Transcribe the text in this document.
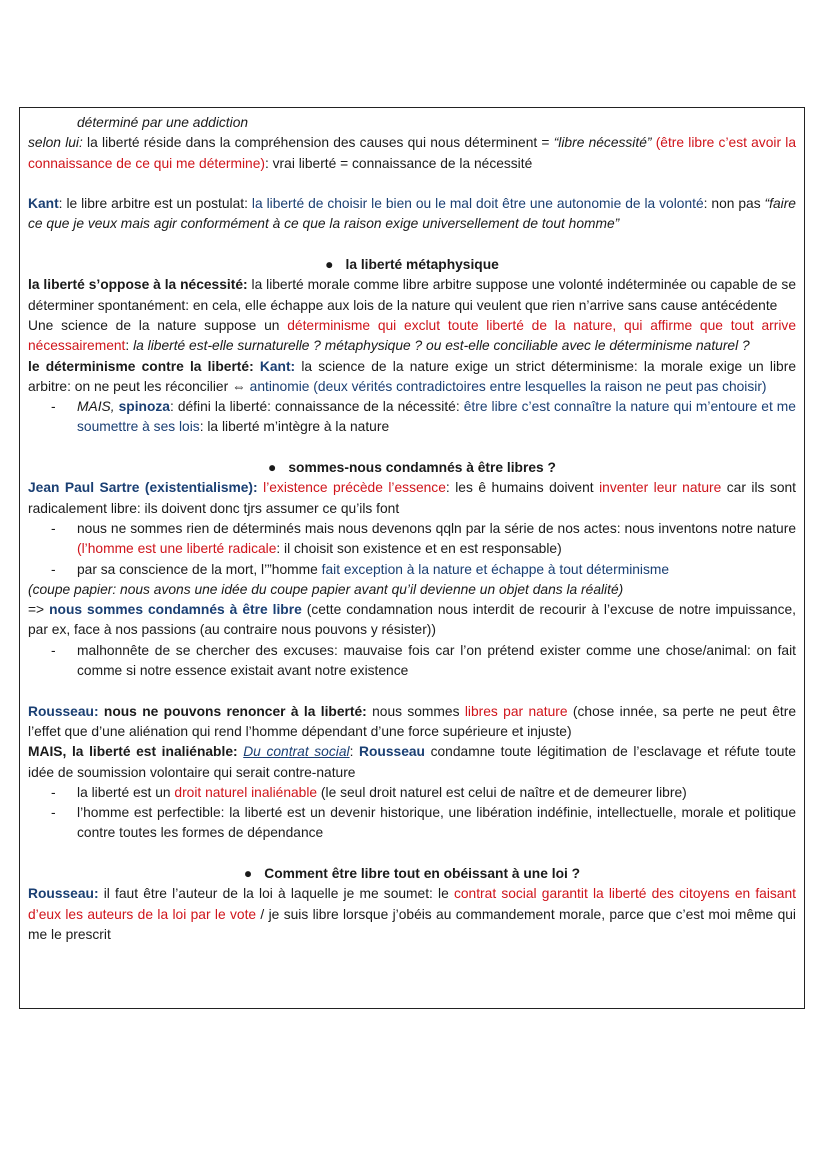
déterminé par une addiction

selon lui: la liberté réside dans la compréhension des causes qui nous déterminent = “libre nécessité” (être libre c’est avoir la connaissance de ce qui me détermine): vrai liberté = connaissance de la nécessité

Kant: le libre arbitre est un postulat: la liberté de choisir le bien ou le mal doit être une autonomie de la volonté: non pas “faire ce que je veux mais agir conformément à ce que la raison exige universellement de tout homme”

● la liberté métaphysique

la liberté s’oppose à la nécessité: la liberté morale comme libre arbitre suppose une volonté indéterminée ou capable de se déterminer spontanément: en cela, elle échappe aux lois de la nature qui veulent que rien n’arrive sans cause antécédente

Une science de la nature suppose un déterminisme qui exclut toute liberté de la nature, qui affirme que tout arrive nécessairement: la liberté est-elle surnaturelle ? métaphysique ? ou est-elle conciliable avec le déterminisme naturel ?

le déterminisme contre la liberté: Kant: la science de la nature exige un strict déterminisme: la morale exige un libre arbitre: on ne peut les réconcilier ⇔ antinomie (deux vérités contradictoires entre lesquelles la raison ne peut pas choisir)

- MAIS, spinoza: défini la liberté: connaissance de la nécessité: être libre c’est connaître la nature qui m’entoure et me soumettre à ses lois: la liberté m’intègre à la nature

● sommes-nous condamnés à être libres ?

Jean Paul Sartre (existentialisme): l’existence précède l’essence: les ê humains doivent inventer leur nature car ils sont radicalement libre: ils doivent donc tjrs assumer ce qu’ils font

- nous ne sommes rien de déterminés mais nous devenons qqln par la série de nos actes: nous inventons notre nature (l’homme est une liberté radicale: il choisit son existence et en est responsable)

- par sa conscience de la mort, l’”homme fait exception à la nature et échappe à tout déterminisme

(coupe papier: nous avons une idée du coupe papier avant qu’il devienne un objet dans la réalité)

=> nous sommes condamnés à être libre (cette condamnation nous interdit de recourir à l’excuse de notre impuissance, par ex, face à nos passions (au contraire nous pouvons y résister))

- malhonnête de se chercher des excuses: mauvaise fois car l’on prétend exister comme une chose/animal: on fait comme si notre essence existait avant notre existence

Rousseau: nous ne pouvons renoncer à la liberté: nous sommes libres par nature (chose innée, sa perte ne peut être l’effet que d’une aliénation qui rend l’homme dépendant d’une force supérieure et injuste)

MAIS, la liberté est inaliénable: Du contrat social: Rousseau condamne toute légitimation de l’esclavage et réfute toute idée de soumission volontaire qui serait contre-nature

- la liberté est un droit naturel inaliénable (le seul droit naturel est celui de naître et de demeurer libre)

- l’homme est perfectible: la liberté est un devenir historique, une libération indéfinie, intellectuelle, morale et politique contre toutes les formes de dépendance

● Comment être libre tout en obéissant à une loi ?

Rousseau: il faut être l’auteur de la loi à laquelle je me soumet: le contrat social garantit la liberté des citoyens en faisant d’eux les auteurs de la loi par le vote / je suis libre lorsque j’obéis au commandement morale, parce que c’est moi même qui me le prescrit
